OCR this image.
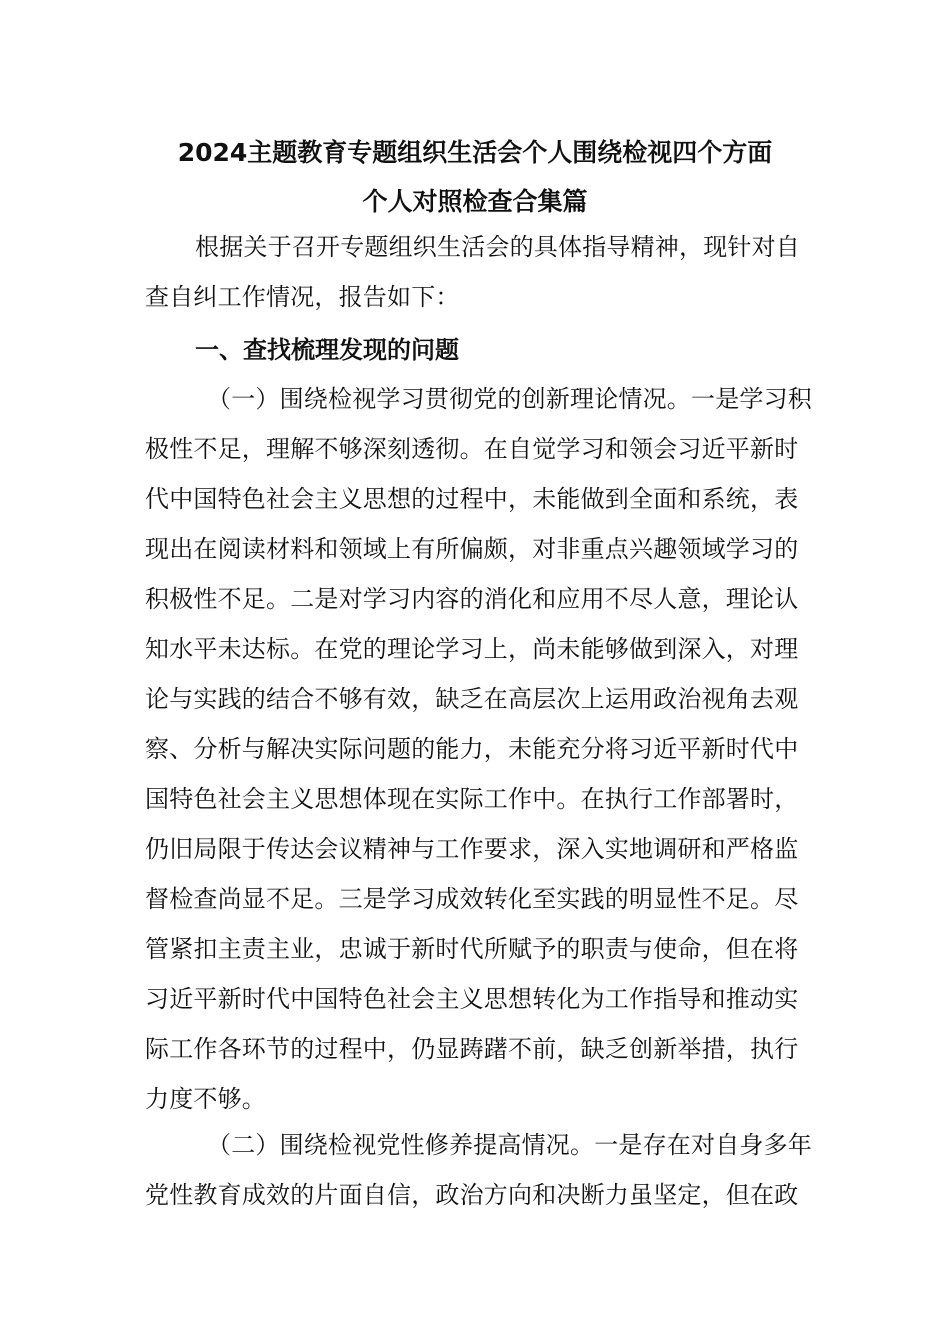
2024主题教育专题组织生活会个人围绕检视四个方面
个人对照检查合集篇
根据关于召开专题组织生活会的具体指导精神，现针对自
查自纠工作情况，报告如下：
一、查找梳理发现的问题
（一）围绕检视学习贯彻党的创新理论情况。一是学习积
极性不足，理解不够深刻透彻。在自觉学习和领会习近平新时
代中国特色社会主义思想的过程中，未能做到全面和系统，表
现出在阅读材料和领域上有所偏颇，对非重点兴趣领域学习的
积极性不足。二是对学习内容的消化和应用不尽人意，理论认
知水平未达标。在党的理论学习上，尚未能够做到深入，对理
论与实践的结合不够有效，缺乏在高层次上运用政治视角去观
察、分析与解决实际问题的能力，未能充分将习近平新时代中
国特色社会主义思想体现在实际工作中。在执行工作部署时，
仍旧局限于传达会议精神与工作要求，深入实地调研和严格监
督检查尚显不足。三是学习成效转化至实践的明显性不足。尽
管紧扣主责主业，忠诚于新时代所赋予的职责与使命，但在将
习近平新时代中国特色社会主义思想转化为工作指导和推动实
际工作各环节的过程中，仍显踌躇不前，缺乏创新举措，执行
力度不够。
（二）围绕检视党性修养提高情况。一是存在对自身多年
党性教育成效的片面自信，政治方向和决断力虽坚定，但在政
